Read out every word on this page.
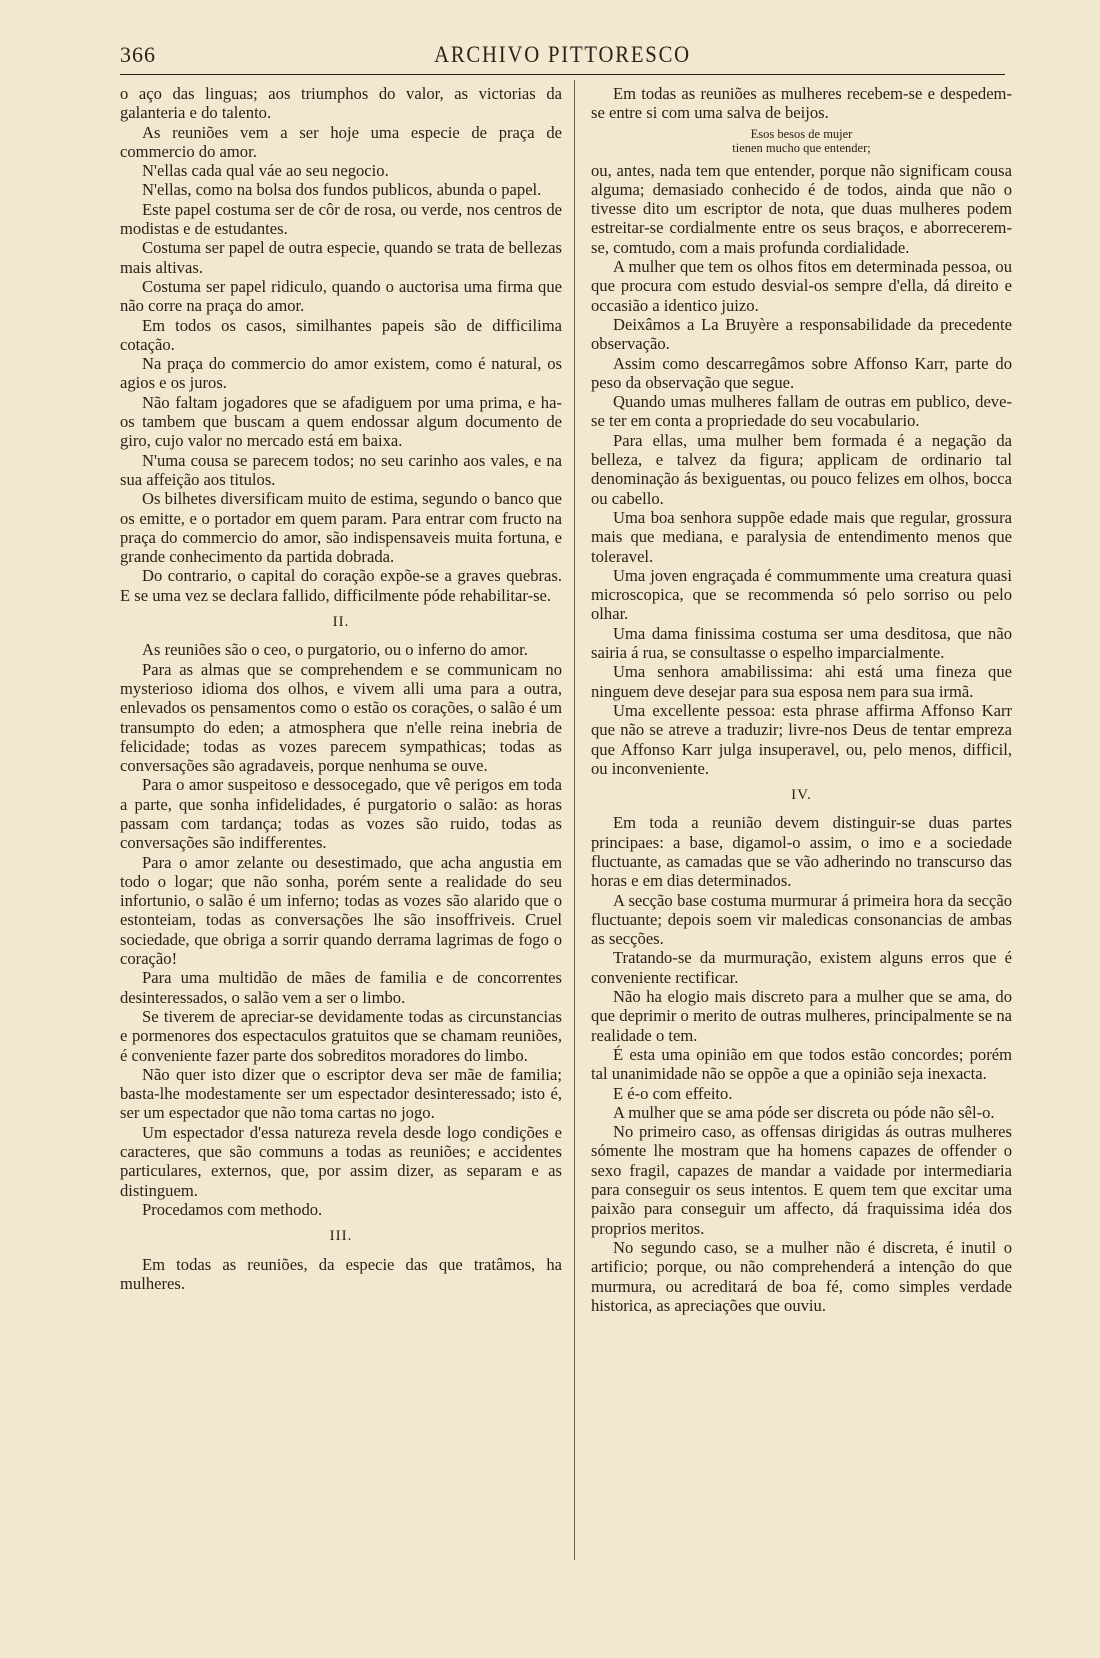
366	ARCHIVO PITTORESCO

o aço das linguas; aos triumphos do valor, as victorias da galanteria e do talento.

As reuniões vem a ser hoje uma especie de praça de commercio do amor.

N'ellas cada qual váe ao seu negocio.

N'ellas, como na bolsa dos fundos publicos, abunda o papel.

Este papel costuma ser de côr de rosa, ou verde, nos centros de modistas e de estudantes.

Costuma ser papel de outra especie, quando se trata de bellezas mais altivas.

Costuma ser papel ridiculo, quando o auctorisa uma firma que não corre na praça do amor.

Em todos os casos, similhantes papeis são de difficilima cotação.

Na praça do commercio do amor existem, como é natural, os agios e os juros.

Não faltam jogadores que se afadiguem por uma prima, e ha-os tambem que buscam a quem endossar algum documento de giro, cujo valor no mercado está em baixa.

N'uma cousa se parecem todos; no seu carinho aos vales, e na sua affeição aos titulos.

Os bilhetes diversificam muito de estima, segundo o banco que os emitte, e o portador em quem param. Para entrar com fructo na praça do commercio do amor, são indispensaveis muita fortuna, e grande conhecimento da partida dobrada.

Do contrario, o capital do coração expõe-se a graves quebras. E se uma vez se declara fallido, difficilmente póde rehabilitar-se.

II.

As reuniões são o ceo, o purgatorio, ou o inferno do amor.

Para as almas que se comprehendem e se communicam no mysterioso idioma dos olhos, e vivem alli uma para a outra, enlevados os pensamentos como o estão os corações, o salão é um transumpto do eden; a atmosphera que n'elle reina inebria de felicidade; todas as vozes parecem sympathicas; todas as conversações são agradaveis, porque nenhuma se ouve.

Para o amor suspeitoso e dessocegado, que vê perigos em toda a parte, que sonha infidelidades, é purgatorio o salão: as horas passam com tardança; todas as vozes são ruido, todas as conversações são indifferentes.

Para o amor zelante ou desestimado, que acha angustia em todo o logar; que não sonha, porém sente a realidade do seu infortunio, o salão é um inferno; todas as vozes são alarido que o estonteiam, todas as conversações lhe são insoffriveis. Cruel sociedade, que obriga a sorrir quando derrama lagrimas de fogo o coração!

Para uma multidão de mães de familia e de concorrentes desinteressados, o salão vem a ser o limbo.

Se tiverem de apreciar-se devidamente todas as circunstancias e pormenores dos espectaculos gratuitos que se chamam reuniões, é conveniente fazer parte dos sobreditos moradores do limbo.

Não quer isto dizer que o escriptor deva ser mãe de familia; basta-lhe modestamente ser um espectador desinteressado; isto é, ser um espectador que não toma cartas no jogo.

Um espectador d'essa natureza revela desde logo condições e caracteres, que são communs a todas as reuniões; e accidentes particulares, externos, que, por assim dizer, as separam e as distinguem.

Procedamos com methodo.

III.

Em todas as reuniões, da especie das que tratâmos, ha mulheres.

Em todas as reuniões as mulheres recebem-se e despedem-se entre si com uma salva de beijos.

Esos besos de mujer
tienen mucho que entender;

ou, antes, nada tem que entender, porque não significam cousa alguma; demasiado conhecido é de todos, ainda que não o tivesse dito um escriptor de nota, que duas mulheres podem estreitar-se cordialmente entre os seus braços, e aborrecerem-se, comtudo, com a mais profunda cordialidade.

A mulher que tem os olhos fitos em determinada pessoa, ou que procura com estudo desvial-os sempre d'ella, dá direito e occasião a identico juizo.

Deixâmos a La Bruyère a responsabilidade da precedente observação.

Assim como descarregâmos sobre Affonso Karr, parte do peso da observação que segue.

Quando umas mulheres fallam de outras em publico, deve-se ter em conta a propriedade do seu vocabulario.

Para ellas, uma mulher bem formada é a negação da belleza, e talvez da figura; applicam de ordinario tal denominação ás bexiguentas, ou pouco felizes em olhos, bocca ou cabello.

Uma boa senhora suppõe edade mais que regular, grossura mais que mediana, e paralysia de entendimento menos que toleravel.

Uma joven engraçada é commummente uma creatura quasi microscopica, que se recommenda só pelo sorriso ou pelo olhar.

Uma dama finissima costuma ser uma desditosa, que não sairia á rua, se consultasse o espelho imparcialmente.

Uma senhora amabilissima: ahi está uma fineza que ninguem deve desejar para sua esposa nem para sua irmã.

Uma excellente pessoa: esta phrase affirma Affonso Karr que não se atreve a traduzir; livre-nos Deus de tentar empreza que Affonso Karr julga insuperavel, ou, pelo menos, difficil, ou inconveniente.

IV.

Em toda a reunião devem distinguir-se duas partes principaes: a base, digamol-o assim, o imo e a sociedade fluctuante, as camadas que se vão adherindo no transcurso das horas e em dias determinados.

A secção base costuma murmurar á primeira hora da secção fluctuante; depois soem vir maledicas consonancias de ambas as secções.

Tratando-se da murmuração, existem alguns erros que é conveniente rectificar.

Não ha elogio mais discreto para a mulher que se ama, do que deprimir o merito de outras mulheres, principalmente se na realidade o tem.

É esta uma opinião em que todos estão concordes; porém tal unanimidade não se oppõe a que a opinião seja inexacta.

E é-o com effeito.

A mulher que se ama póde ser discreta ou póde não sêl-o.

No primeiro caso, as offensas dirigidas ás outras mulheres sómente lhe mostram que ha homens capazes de offender o sexo fragil, capazes de mandar a vaidade por intermediaria para conseguir os seus intentos. E quem tem que excitar uma paixão para conseguir um affecto, dá fraquissima idéa dos proprios meritos.

No segundo caso, se a mulher não é discreta, é inutil o artificio; porque, ou não comprehenderá a intenção do que murmura, ou acreditará de boa fé, como simples verdade historica, as apreciações que ouviu.
